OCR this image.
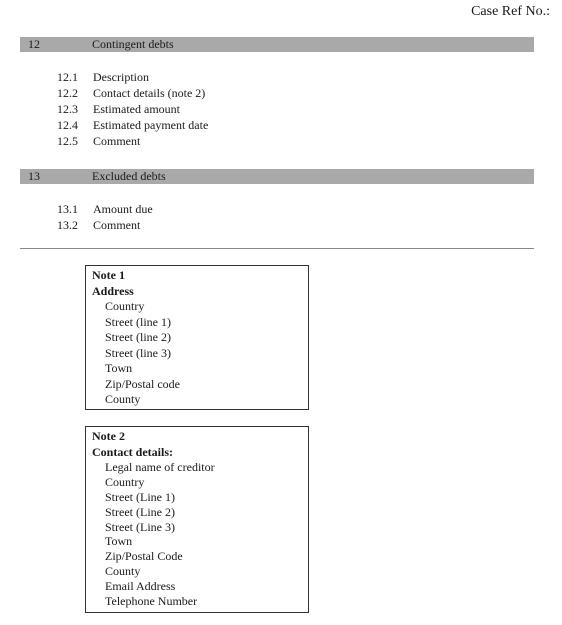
Case Ref No.:
12	Contingent debts
12.1 Description
12.2 Contact details (note 2)
12.3 Estimated amount
12.4 Estimated payment date
12.5 Comment
13	Excluded debts
13.1 Amount due
13.2 Comment
Note 1
Address
Country
Street (line 1)
Street (line 2)
Street (line 3)
Town
Zip/Postal code
County
Note 2
Contact details:
Legal name of creditor
Country
Street (Line 1)
Street (Line 2)
Street (Line 3)
Town
Zip/Postal Code
County
Email Address
Telephone Number
